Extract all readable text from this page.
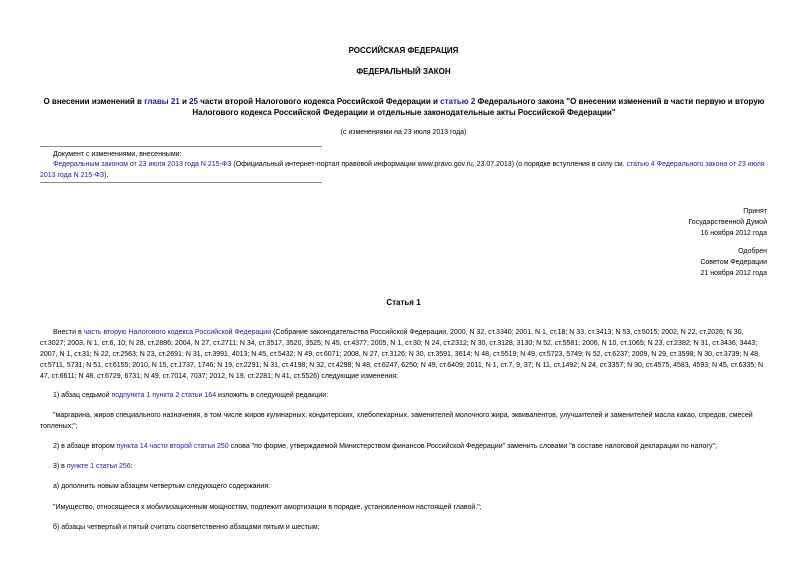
РОССИЙСКАЯ ФЕДЕРАЦИЯ
ФЕДЕРАЛЬНЫЙ ЗАКОН
О внесении изменений в главы 21 и 25 части второй Налогового кодекса Российской Федерации и статью 2 Федерального закона "О внесении изменений в части первую и вторую Налогового кодекса Российской Федерации и отдельные законодательные акты Российской Федерации"
(с изменениями на 23 июля 2013 года)
Документ с изменениями, внесенными:
Федеральным законом от 23 июля 2013 года N 215-ФЗ (Официальный интернет-портал правовой информации www.pravo.gov.ru, 23.07.2013) (о порядке вступления в силу см. статью 4 Федерального закона от 23 июля 2013 года N 215-ФЗ).
Принят
Государственной Думой
16 ноября 2012 года
Одобрен
Советом Федерации
21 ноября 2012 года
Статья 1
Внести в часть вторую Налогового кодекса Российской Федерации (Собрание законодательства Российской Федерации, 2000, N 32, ст.3340; 2001, N 1, ст.18; N 33, ст.3413; N 53, ст.5015; 2002, N 22, ст.2026; N 30, ст.3027; 2003, N 1, ст.6, 10; N 28, ст.2886; 2004, N 27, ст.2711; N 34, ст.3517, 3520, 3525; N 45, ст.4377; 2005, N 1, ст.30; N 24, ст.2312; N 30, ст.3128, 3130; N 52, ст.5581; 2006, N 10, ст.1065; N 23, ст.2382; N 31, ст.3436, 3443; 2007, N 1, ст.31; N 22, ст.2563; N 23, ст.2691; N 31, ст.3991, 4013; N 45, ст.5432; N 49, ст.6071; 2008, N 27, ст.3126; N 30, ст.3591, 3614; N 48, ст.5519; N 49, ст.5723, 5749; N 52, ст.6237; 2009, N 29, ст.3598; N 30, ст.3739; N 48, ст.5711, 5731; N 51, ст.6155; 2010, N 15, ст.1737, 1746; N 19, ст.2291; N 31, ст.4198; N 32, ст.4298; N 48, ст.6247, 6250; N 49, ст.6409; 2011, N 1, ст.7, 9, 37; N 11, ст.1492; N 24, ст.3357; N 30, ст.4575, 4583, 4593; N 45, ст.6335; N 47, ст.6611; N 48, ст.6729, 6731; N 49, ст.7014, 7037; 2012, N 19, ст.2281; N 41, ст.5526) следующие изменения:
1) абзац седьмой подпункта 1 пункта 2 статьи 164 изложить в следующей редакции:
"маргарина, жиров специального назначения, в том числе жиров кулинарных, кондитерских, хлебопекарных, заменителей молочного жира, эквивалентов, улучшителей и заменителей масла какао, спредов, смесей топленых;";
2) в абзаце втором пункта 14 части второй статьи 250 слова "по форме, утверждаемой Министерством финансов Российской Федерации" заменить словами "в составе налоговой декларации по налогу";
3) в пункте 1 статьи 256:
а) дополнить новым абзацем четвертым следующего содержания:
"Имущество, относящееся к мобилизационным мощностям, подлежит амортизации в порядке, установленном настоящей главой.";
б) абзацы четвертый и пятый считать соответственно абзацами пятым и шестым;
